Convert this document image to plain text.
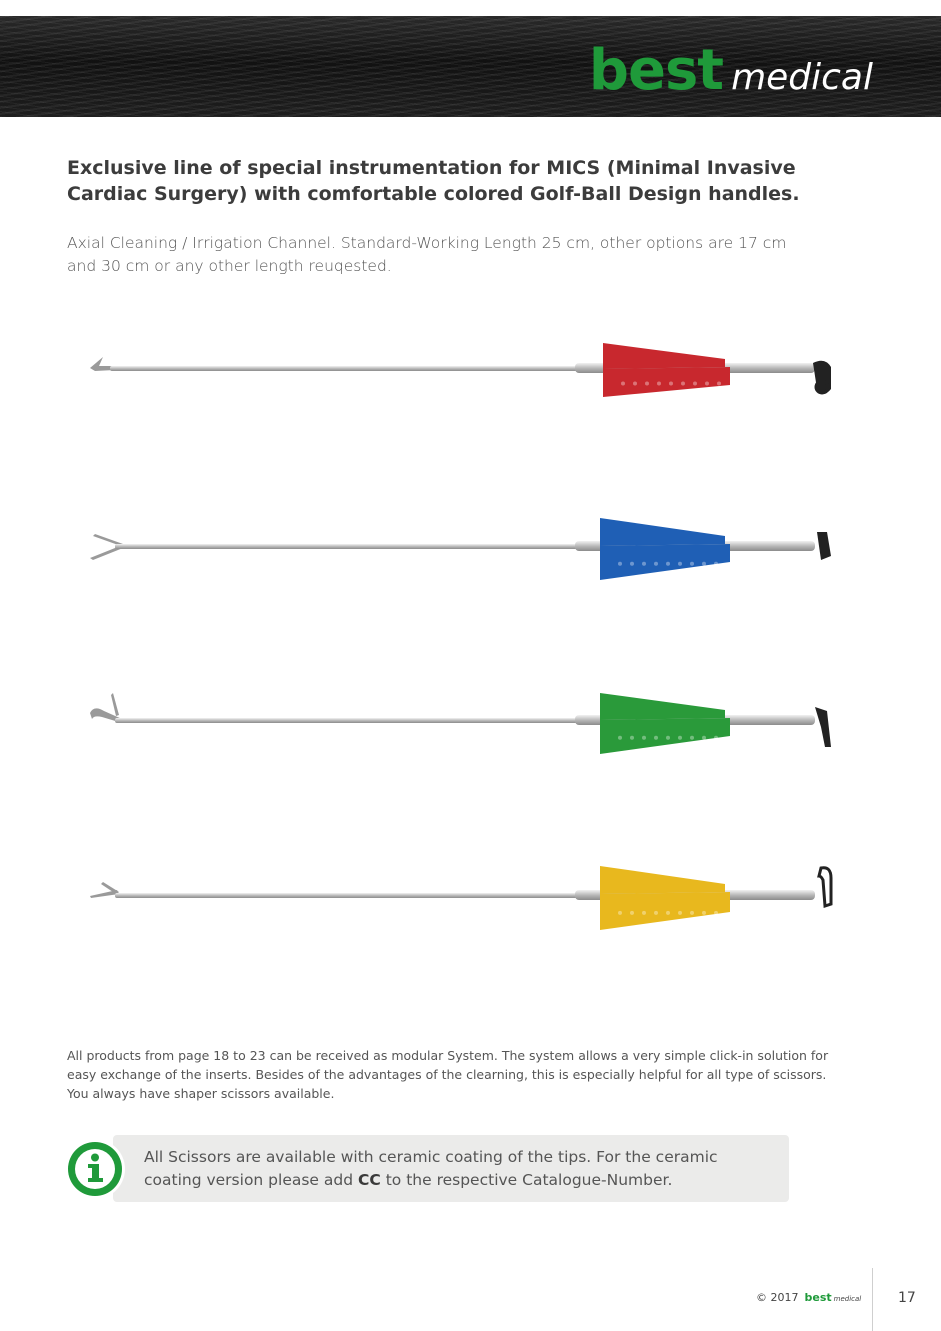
best medical

Exclusive line of special instrumentation for MICS (Minimal Invasive Cardiac Surgery) with comfortable colored Golf-Ball Design handles.

Axial Cleaning / Irrigation Channel. Standard-Working Length 25 cm, other options are 17 cm and 30 cm or any other length reuqested.

All products from page 18 to 23 can be received as modular System. The system allows a very simple click-in solution for easy exchange of the inserts. Besides of the advantages of the clearning, this is especially helpful for all type of scissors. You always have shaper scissors available.

All Scissors are available with ceramic coating of the tips. For the ceramic coating version please add CC to the respective Catalogue-Number.
© 2017 best medical	17
